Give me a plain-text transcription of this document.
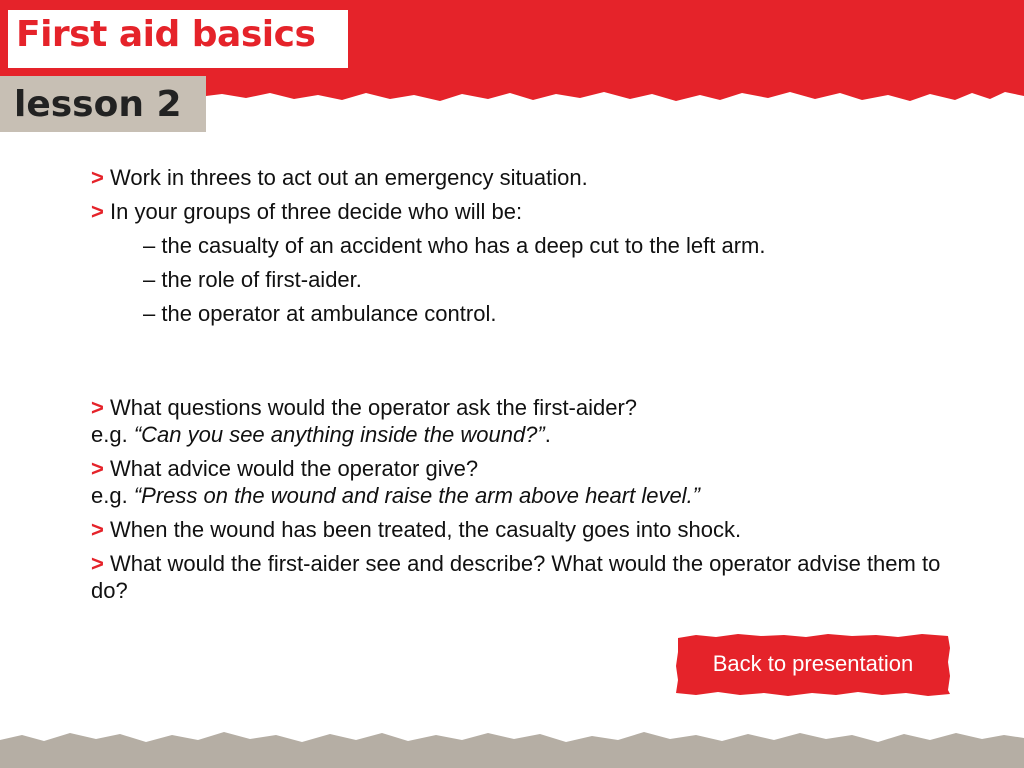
First aid basics
lesson 2

> Work in threes to act out an emergency situation.

> In your groups of three decide who will be:

– the casualty of an accident who has a deep cut to the left arm.

– the role of first-aider.

– the operator at ambulance control.

> What questions would the operator ask the first-aider?
e.g. “Can you see anything inside the wound?”.

> What advice would the operator give?
e.g. “Press on the wound and raise the arm above heart level.”

> When the wound has been treated, the casualty goes into shock.

> What would the first-aider see and describe? What would the operator advise them to do?

Back to presentation
